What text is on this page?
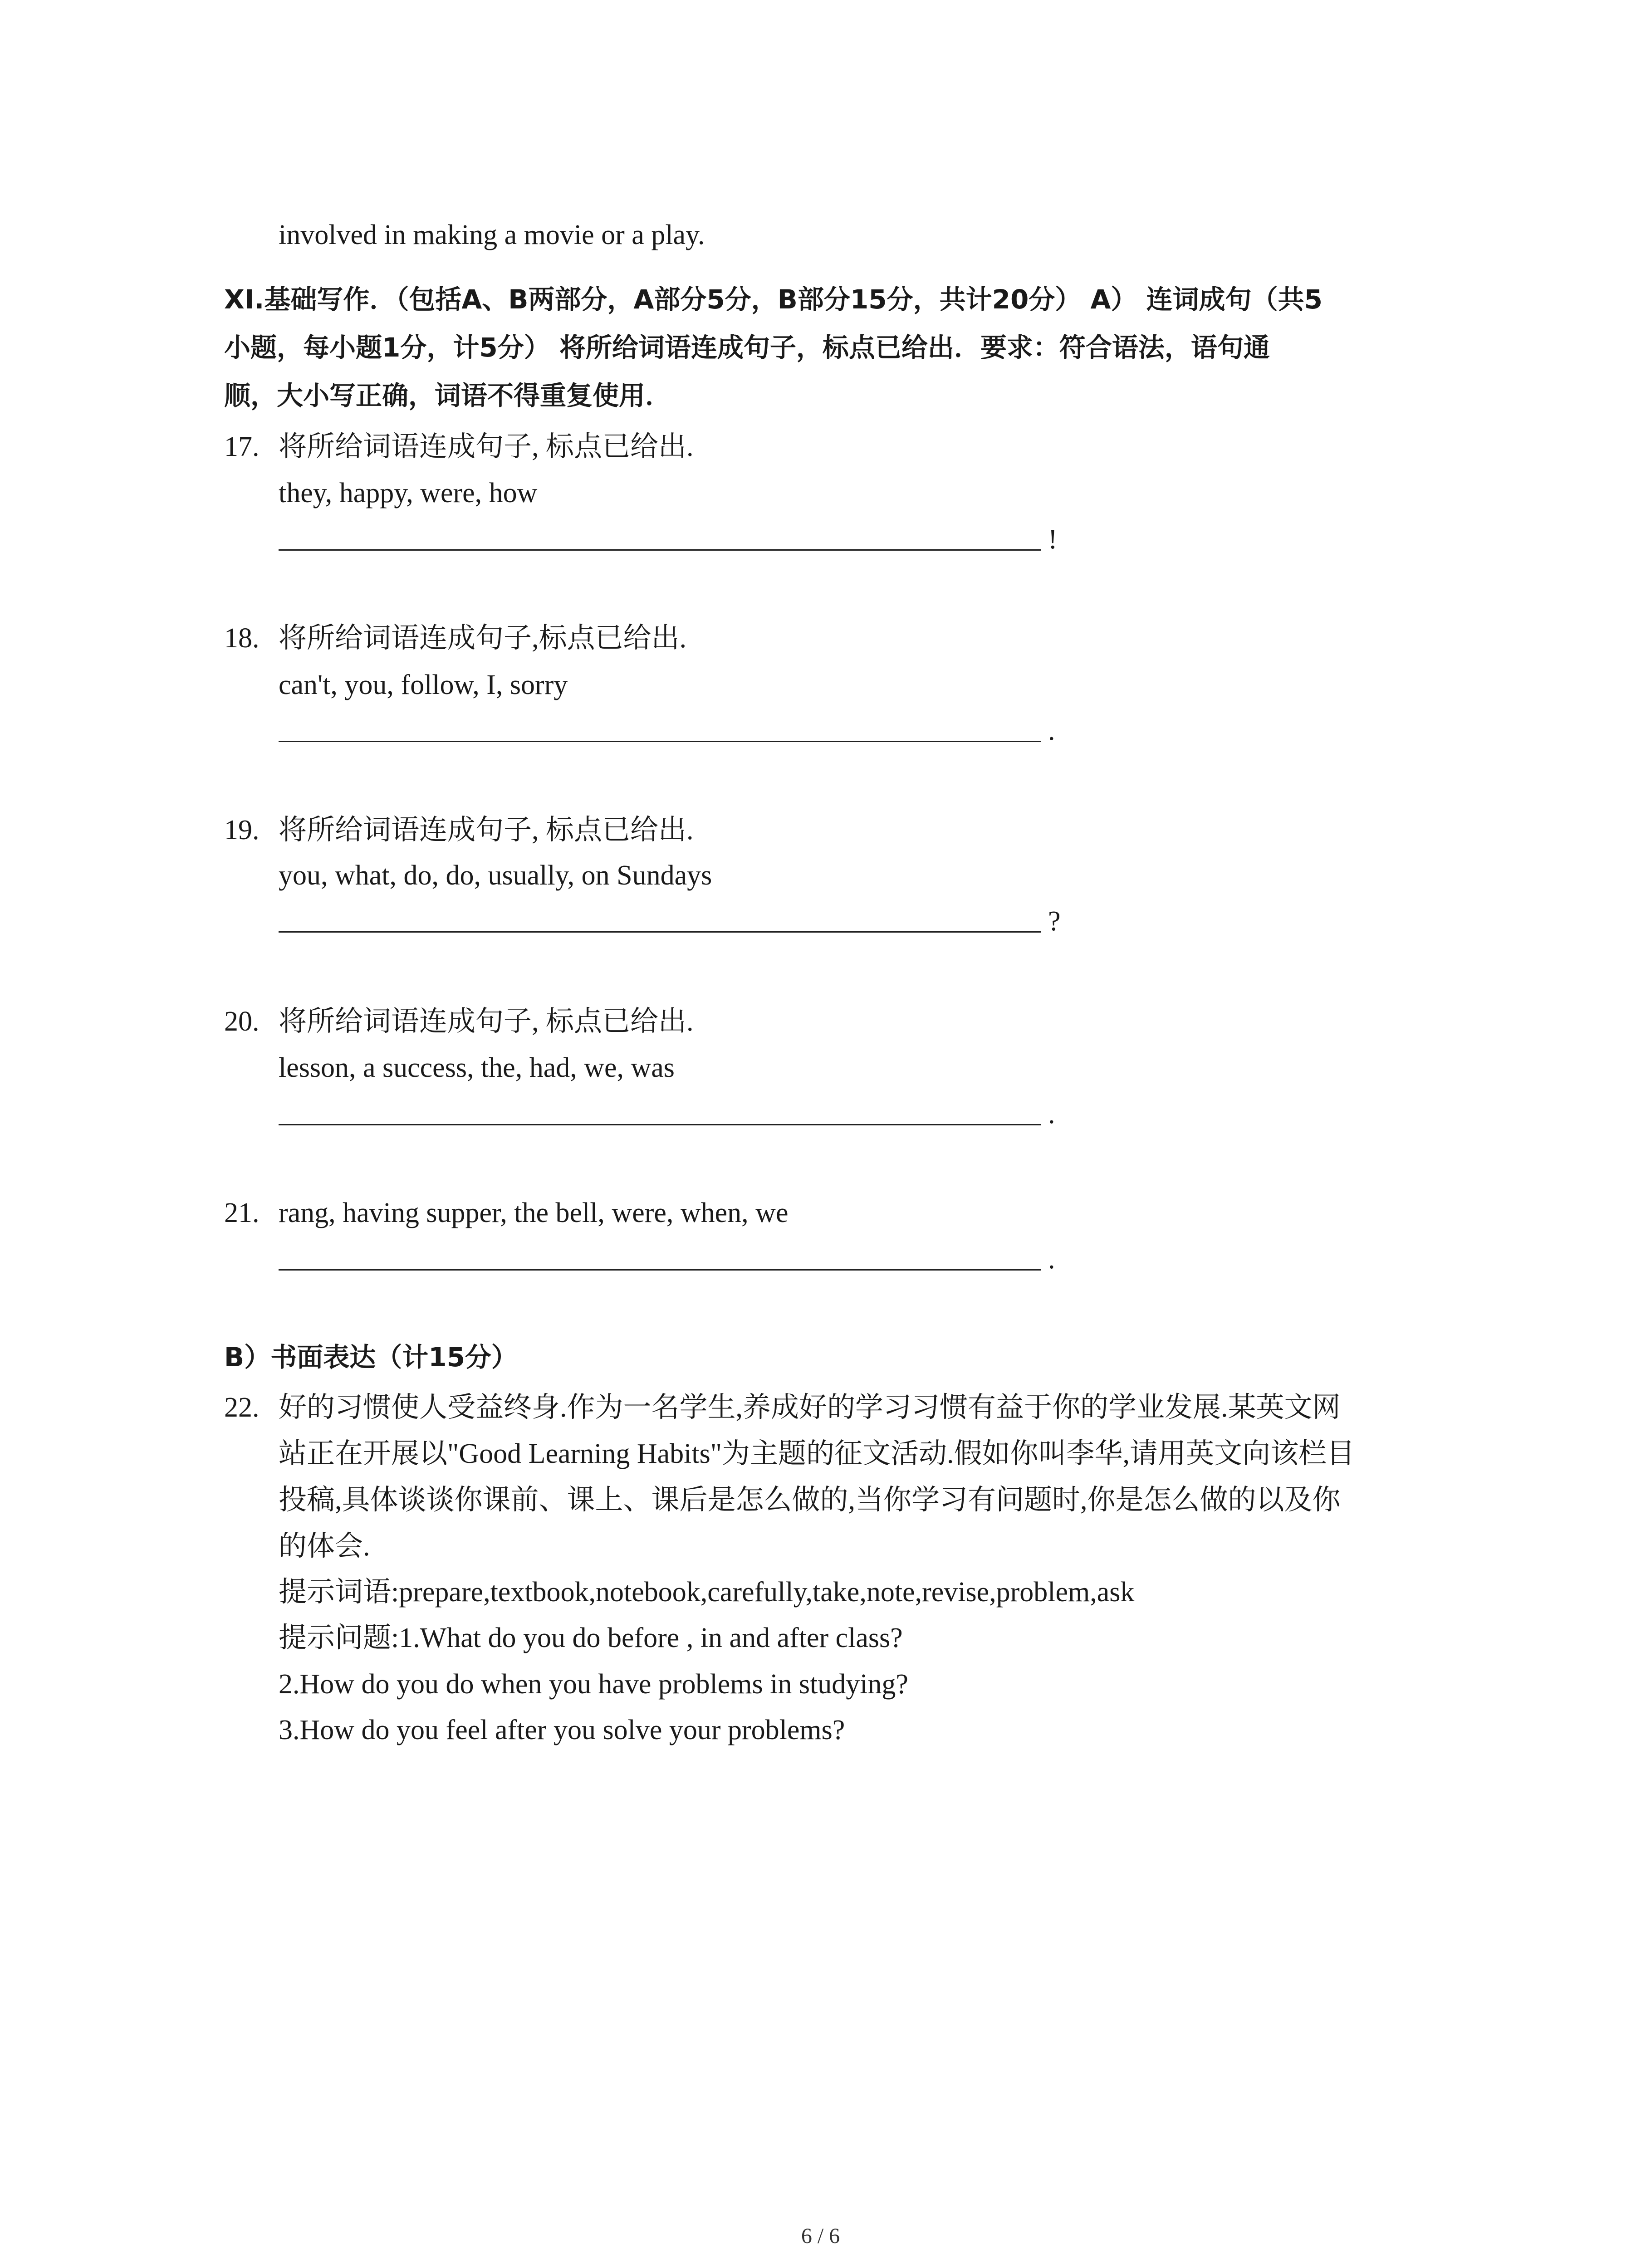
involved in making a movie or a play.
XI.基础写作．（包括A、B两部分，A部分5分，B部分15分，共计20分） A） 连词成句（共5
小题，每小题1分，计5分） 将所给词语连成句子，标点已给出．要求：符合语法，语句通
顺，大小写正确，词语不得重复使用．
17. 将所给词语连成句子, 标点已给出.
they, happy, were, how
!
18. 将所给词语连成句子,标点已给出.
can't, you, follow, I, sorry
.
19. 将所给词语连成句子, 标点已给出.
you, what, do, do, usually, on Sundays
?
20. 将所给词语连成句子, 标点已给出.
lesson, a success, the, had, we, was
.
21. rang, having supper, the bell, were, when, we
.
B）书面表达（计15分）
22. 好的习惯使人受益终身.作为一名学生,养成好的学习习惯有益于你的学业发展.某英文网
站正在开展以"Good Learning Habits"为主题的征文活动.假如你叫李华,请用英文向该栏目
投稿,具体谈谈你课前、课上、课后是怎么做的,当你学习有问题时,你是怎么做的以及你
的体会.
提示词语:prepare,textbook,notebook,carefully,take,note,revise,problem,ask
提示问题:1.What do you do before , in and after class?
2.How do you do when you have problems in studying?
3.How do you feel after you solve your problems?
6 / 6
